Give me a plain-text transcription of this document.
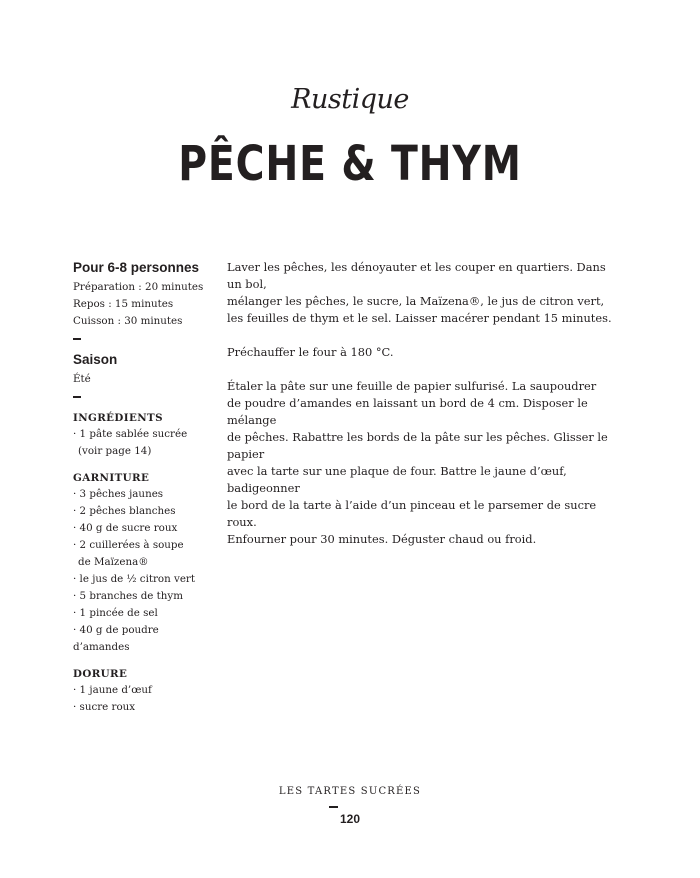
Rustique
PÊCHE & THYM
Pour 6-8 personnes
Préparation : 20 minutes
Repos : 15 minutes
Cuisson : 30 minutes
Saison
Été
INGRÉDIENTS
· 1 pâte sablée sucrée
(voir page 14)
GARNITURE
· 3 pêches jaunes
· 2 pêches blanches
· 40 g de sucre roux
· 2 cuillerées à soupe
de Maïzena®
· le jus de ½ citron vert
· 5 branches de thym
· 1 pincée de sel
· 40 g de poudre d’amandes
DORURE
· 1 jaune d’œuf
· sucre roux

Laver les pêches, les dénoyauter et les couper en quartiers. Dans un bol,
mélanger les pêches, le sucre, la Maïzena®, le jus de citron vert,
les feuilles de thym et le sel. Laisser macérer pendant 15 minutes.

Préchauffer le four à 180 °C.

Étaler la pâte sur une feuille de papier sulfurisé. La saupoudrer
de poudre d’amandes en laissant un bord de 4 cm. Disposer le mélange
de pêches. Rabattre les bords de la pâte sur les pêches. Glisser le papier
avec la tarte sur une plaque de four. Battre le jaune d’œuf, badigeonner
le bord de la tarte à l’aide d’un pinceau et le parsemer de sucre roux.
Enfourner pour 30 minutes. Déguster chaud ou froid.

LES TARTES SUCRÉES
120
